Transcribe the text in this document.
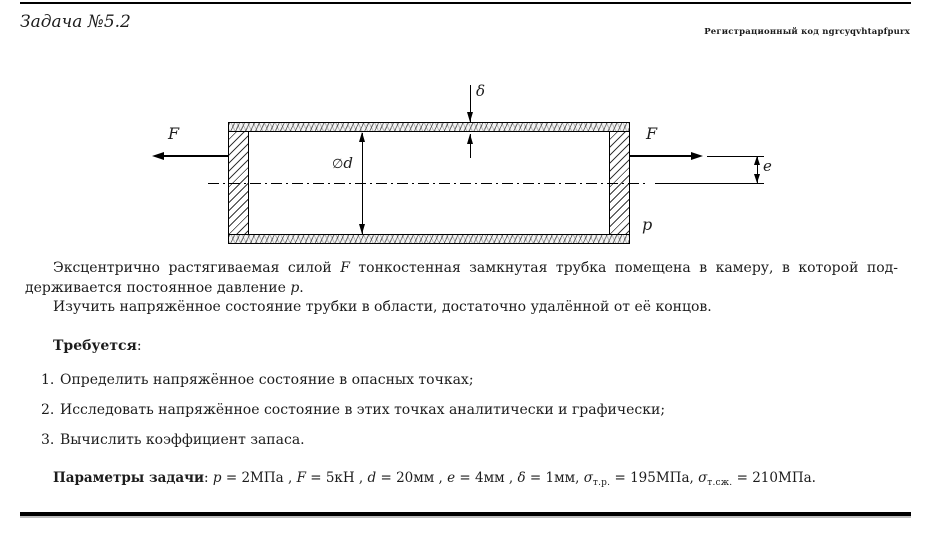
Задача №5.2	Регистрационный код ngrcyqvhtapfpurx
F	F
p
∅d
δ
e
Эксцентрично растягиваемая силой F тонкостенная замкнутая трубка помещена в камеру, в которой под-
держивается постоянное давление p.
Изучить напряжённое состояние трубки в области, достаточно удалённой от её концов.
Требуется:
1. Определить напряжённое состояние в опасных точках;
2. Исследовать напряжённое состояние в этих точках аналитически и графически;
3. Вычислить коэффициент запаса.
Параметры задачи: p = 2МПа , F = 5кН , d = 20мм , e = 4мм , δ = 1мм, $\sigma_{т.р.} = 195МПа$, $\sigma_{т.сж.} = 210МПа$.
